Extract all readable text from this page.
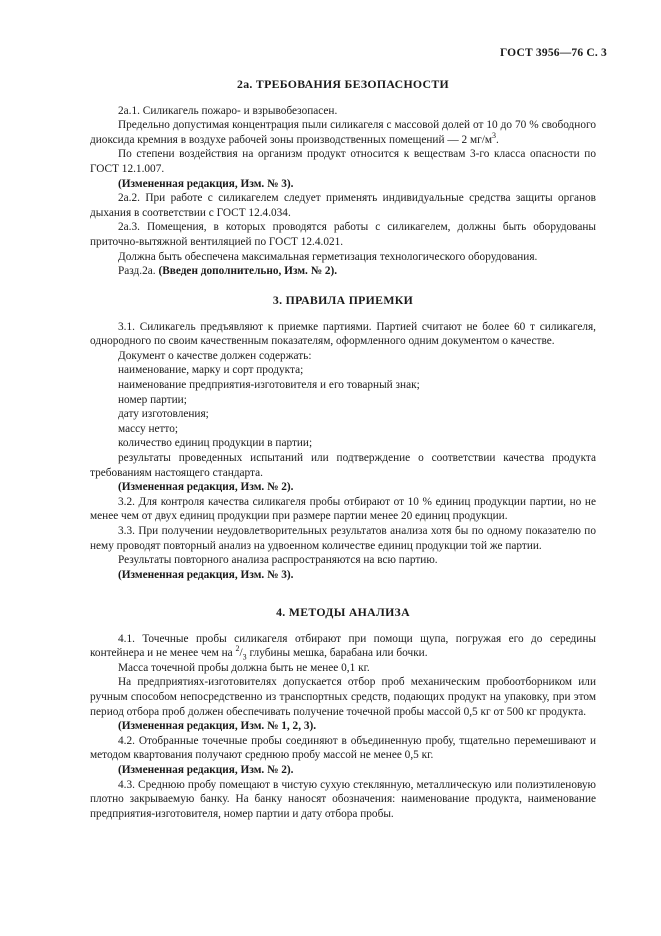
ГОСТ 3956—76 С. 3
2а. ТРЕБОВАНИЯ БЕЗОПАСНОСТИ

2а.1. Силикагель пожаро- и взрывобезопасен.

Предельно допустимая концентрация пыли силикагеля с массовой долей от 10 до 70 % свободного диоксида кремния в воздухе рабочей зоны производственных помещений — 2 $мг/м^3$.

По степени воздействия на организм продукт относится к веществам 3-го класса опасности по ГОСТ 12.1.007.

(Измененная редакция, Изм. № 3).

2а.2. При работе с силикагелем следует применять индивидуальные средства защиты органов дыхания в соответствии с ГОСТ 12.4.034.

2а.3. Помещения, в которых проводятся работы с силикагелем, должны быть оборудованы приточно-вытяжной вентиляцией по ГОСТ 12.4.021.

Должна быть обеспечена максимальная герметизация технологического оборудования.

Разд.2а. (Введен дополнительно, Изм. № 2).

3. ПРАВИЛА ПРИЕМКИ

3.1. Силикагель предъявляют к приемке партиями. Партией считают не более 60 т силикагеля, однородного по своим качественным показателям, оформленного одним документом о качестве.

Документ о качестве должен содержать:

наименование, марку и сорт продукта;

наименование предприятия-изготовителя и его товарный знак;

номер партии;

дату изготовления;

массу нетто;

количество единиц продукции в партии;

результаты проведенных испытаний или подтверждение о соответствии качества продукта требованиям настоящего стандарта.

(Измененная редакция, Изм. № 2).

3.2. Для контроля качества силикагеля пробы отбирают от 10 % единиц продукции партии, но не менее чем от двух единиц продукции при размере партии менее 20 единиц продукции.

3.3. При получении неудовлетворительных результатов анализа хотя бы по одному показателю по нему проводят повторный анализ на удвоенном количестве единиц продукции той же партии.

Результаты повторного анализа распространяются на всю партию.

(Измененная редакция, Изм. № 3).

4. МЕТОДЫ АНАЛИЗА

4.1. Точечные пробы силикагеля отбирают при помощи щупа, погружая его до середины контейнера и не менее чем на $^2/_3$ глубины мешка, барабана или бочки.

Масса точечной пробы должна быть не менее 0,1 кг.

На предприятиях-изготовителях допускается отбор проб механическим пробоотборником или ручным способом непосредственно из транспортных средств, подающих продукт на упаковку, при этом период отбора проб должен обеспечивать получение точечной пробы массой 0,5 кг от 500 кг продукта.

(Измененная редакция, Изм. № 1, 2, 3).

4.2. Отобранные точечные пробы соединяют в объединенную пробу, тщательно перемешивают и методом квартования получают среднюю пробу массой не менее 0,5 кг.

(Измененная редакция, Изм. № 2).

4.3. Среднюю пробу помещают в чистую сухую стеклянную, металлическую или полиэтиленовую плотно закрываемую банку. На банку наносят обозначения: наименование продукта, наименование предприятия-изготовителя, номер партии и дату отбора пробы.
